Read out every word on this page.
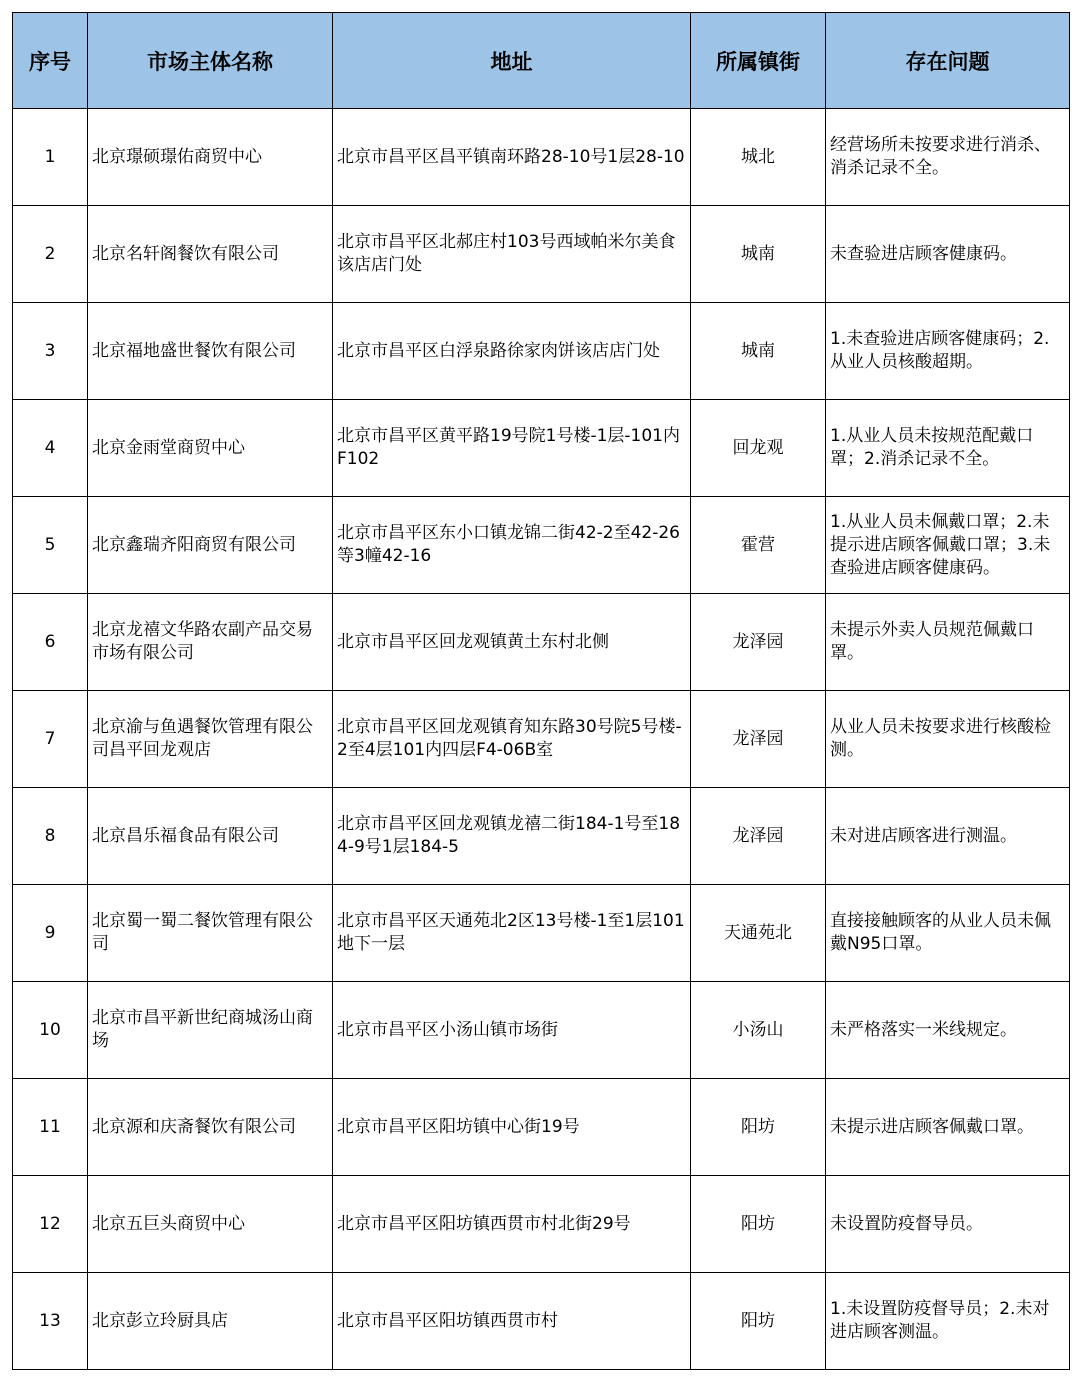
序号	市场主体名称	地址	所属镇街	存在问题
1	北京璟硕璟佑商贸中心	北京市昌平区昌平镇南环路28-10号1层28-10	城北	经营场所未按要求进行消杀、消杀记录不全。
2	北京名轩阁餐饮有限公司	北京市昌平区北郝庄村103号西域帕米尔美食该店店门处	城南	未查验进店顾客健康码。
3	北京福地盛世餐饮有限公司	北京市昌平区白浮泉路徐家肉饼该店店门处	城南	1.未查验进店顾客健康码；2.从业人员核酸超期。
4	北京金雨堂商贸中心	北京市昌平区黄平路19号院1号楼-1层-101内F102	回龙观	1.从业人员未按规范配戴口罩；2.消杀记录不全。
5	北京鑫瑞齐阳商贸有限公司	北京市昌平区东小口镇龙锦二街42-2至42-26等3幢42-16	霍营	1.从业人员未佩戴口罩；2.未提示进店顾客佩戴口罩；3.未查验进店顾客健康码。
6	北京龙禧文华路农副产品交易市场有限公司	北京市昌平区回龙观镇黄土东村北侧	龙泽园	未提示外卖人员规范佩戴口罩。
7	北京渝与鱼遇餐饮管理有限公司昌平回龙观店	北京市昌平区回龙观镇育知东路30号院5号楼-2至4层101内四层F4-06B室	龙泽园	从业人员未按要求进行核酸检测。
8	北京昌乐福食品有限公司	北京市昌平区回龙观镇龙禧二街184-1号至184-9号1层184-5	龙泽园	未对进店顾客进行测温。
9	北京蜀一蜀二餐饮管理有限公司	北京市昌平区天通苑北2区13号楼-1至1层101地下一层	天通苑北	直接接触顾客的从业人员未佩戴N95口罩。
10	北京市昌平新世纪商城汤山商场	北京市昌平区小汤山镇市场街	小汤山	未严格落实一米线规定。
11	北京源和庆斋餐饮有限公司	北京市昌平区阳坊镇中心街19号	阳坊	未提示进店顾客佩戴口罩。
12	北京五巨头商贸中心	北京市昌平区阳坊镇西贯市村北街29号	阳坊	未设置防疫督导员。
13	北京彭立玲厨具店	北京市昌平区阳坊镇西贯市村	阳坊	1.未设置防疫督导员；2.未对进店顾客测温。
